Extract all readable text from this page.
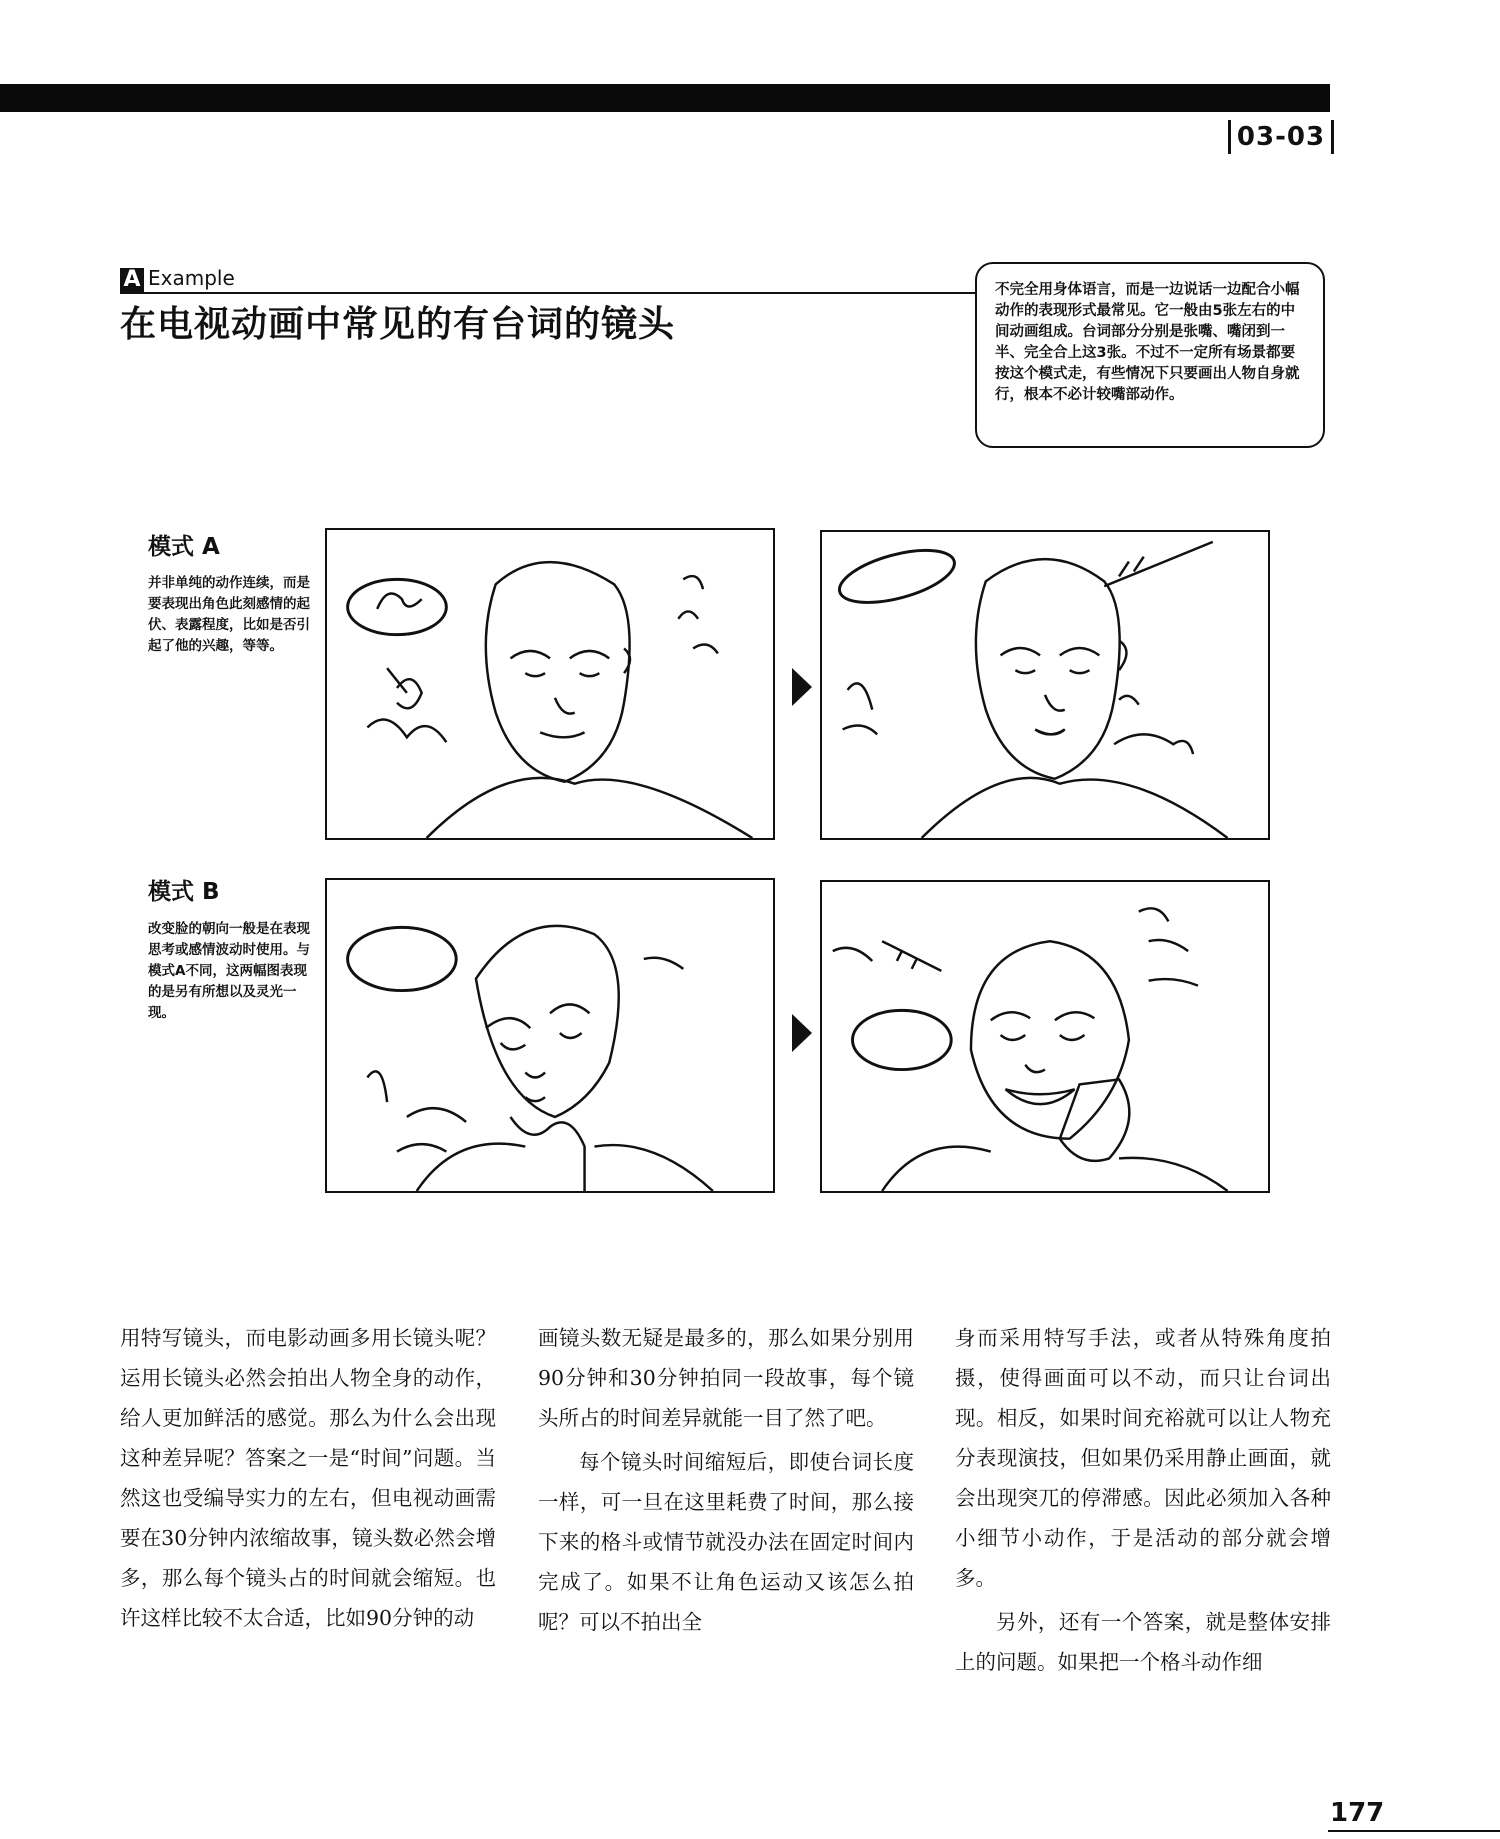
03-03
A Example
在电视动画中常见的有台词的镜头
不完全用身体语言，而是一边说话一边配合小幅动作的表现形式最常见。它一般由5张左右的中间动画组成。台词部分分别是张嘴、嘴闭到一半、完全合上这3张。不过不一定所有场景都要按这个模式走，有些情况下只要画出人物自身就行，根本不必计较嘴部动作。
模式 A
并非单纯的动作连续，而是要表现出角色此刻感情的起伏、表露程度，比如是否引起了他的兴趣，等等。
模式 B
改变脸的朝向一般是在表现思考或感情波动时使用。与模式A不同，这两幅图表现的是另有所想以及灵光一现。

用特写镜头，而电影动画多用长镜头呢？运用长镜头必然会拍出人物全身的动作，给人更加鲜活的感觉。那么为什么会出现这种差异呢？答案之一是“时间”问题。当然这也受编导实力的左右，但电视动画需要在30分钟内浓缩故事，镜头数必然会增多，那么每个镜头占的时间就会缩短。也许这样比较不太合适，比如90分钟的动

画镜头数无疑是最多的，那么如果分别用90分钟和30分钟拍同一段故事，每个镜头所占的时间差异就能一目了然了吧。

每个镜头时间缩短后，即使台词长度一样，可一旦在这里耗费了时间，那么接下来的格斗或情节就没办法在固定时间内完成了。如果不让角色运动又该怎么拍呢？可以不拍出全

身而采用特写手法，或者从特殊角度拍摄，使得画面可以不动，而只让台词出现。相反，如果时间充裕就可以让人物充分表现演技，但如果仍采用静止画面，就会出现突兀的停滞感。因此必须加入各种小细节小动作，于是活动的部分就会增多。

另外，还有一个答案，就是整体安排上的问题。如果把一个格斗动作细

177
